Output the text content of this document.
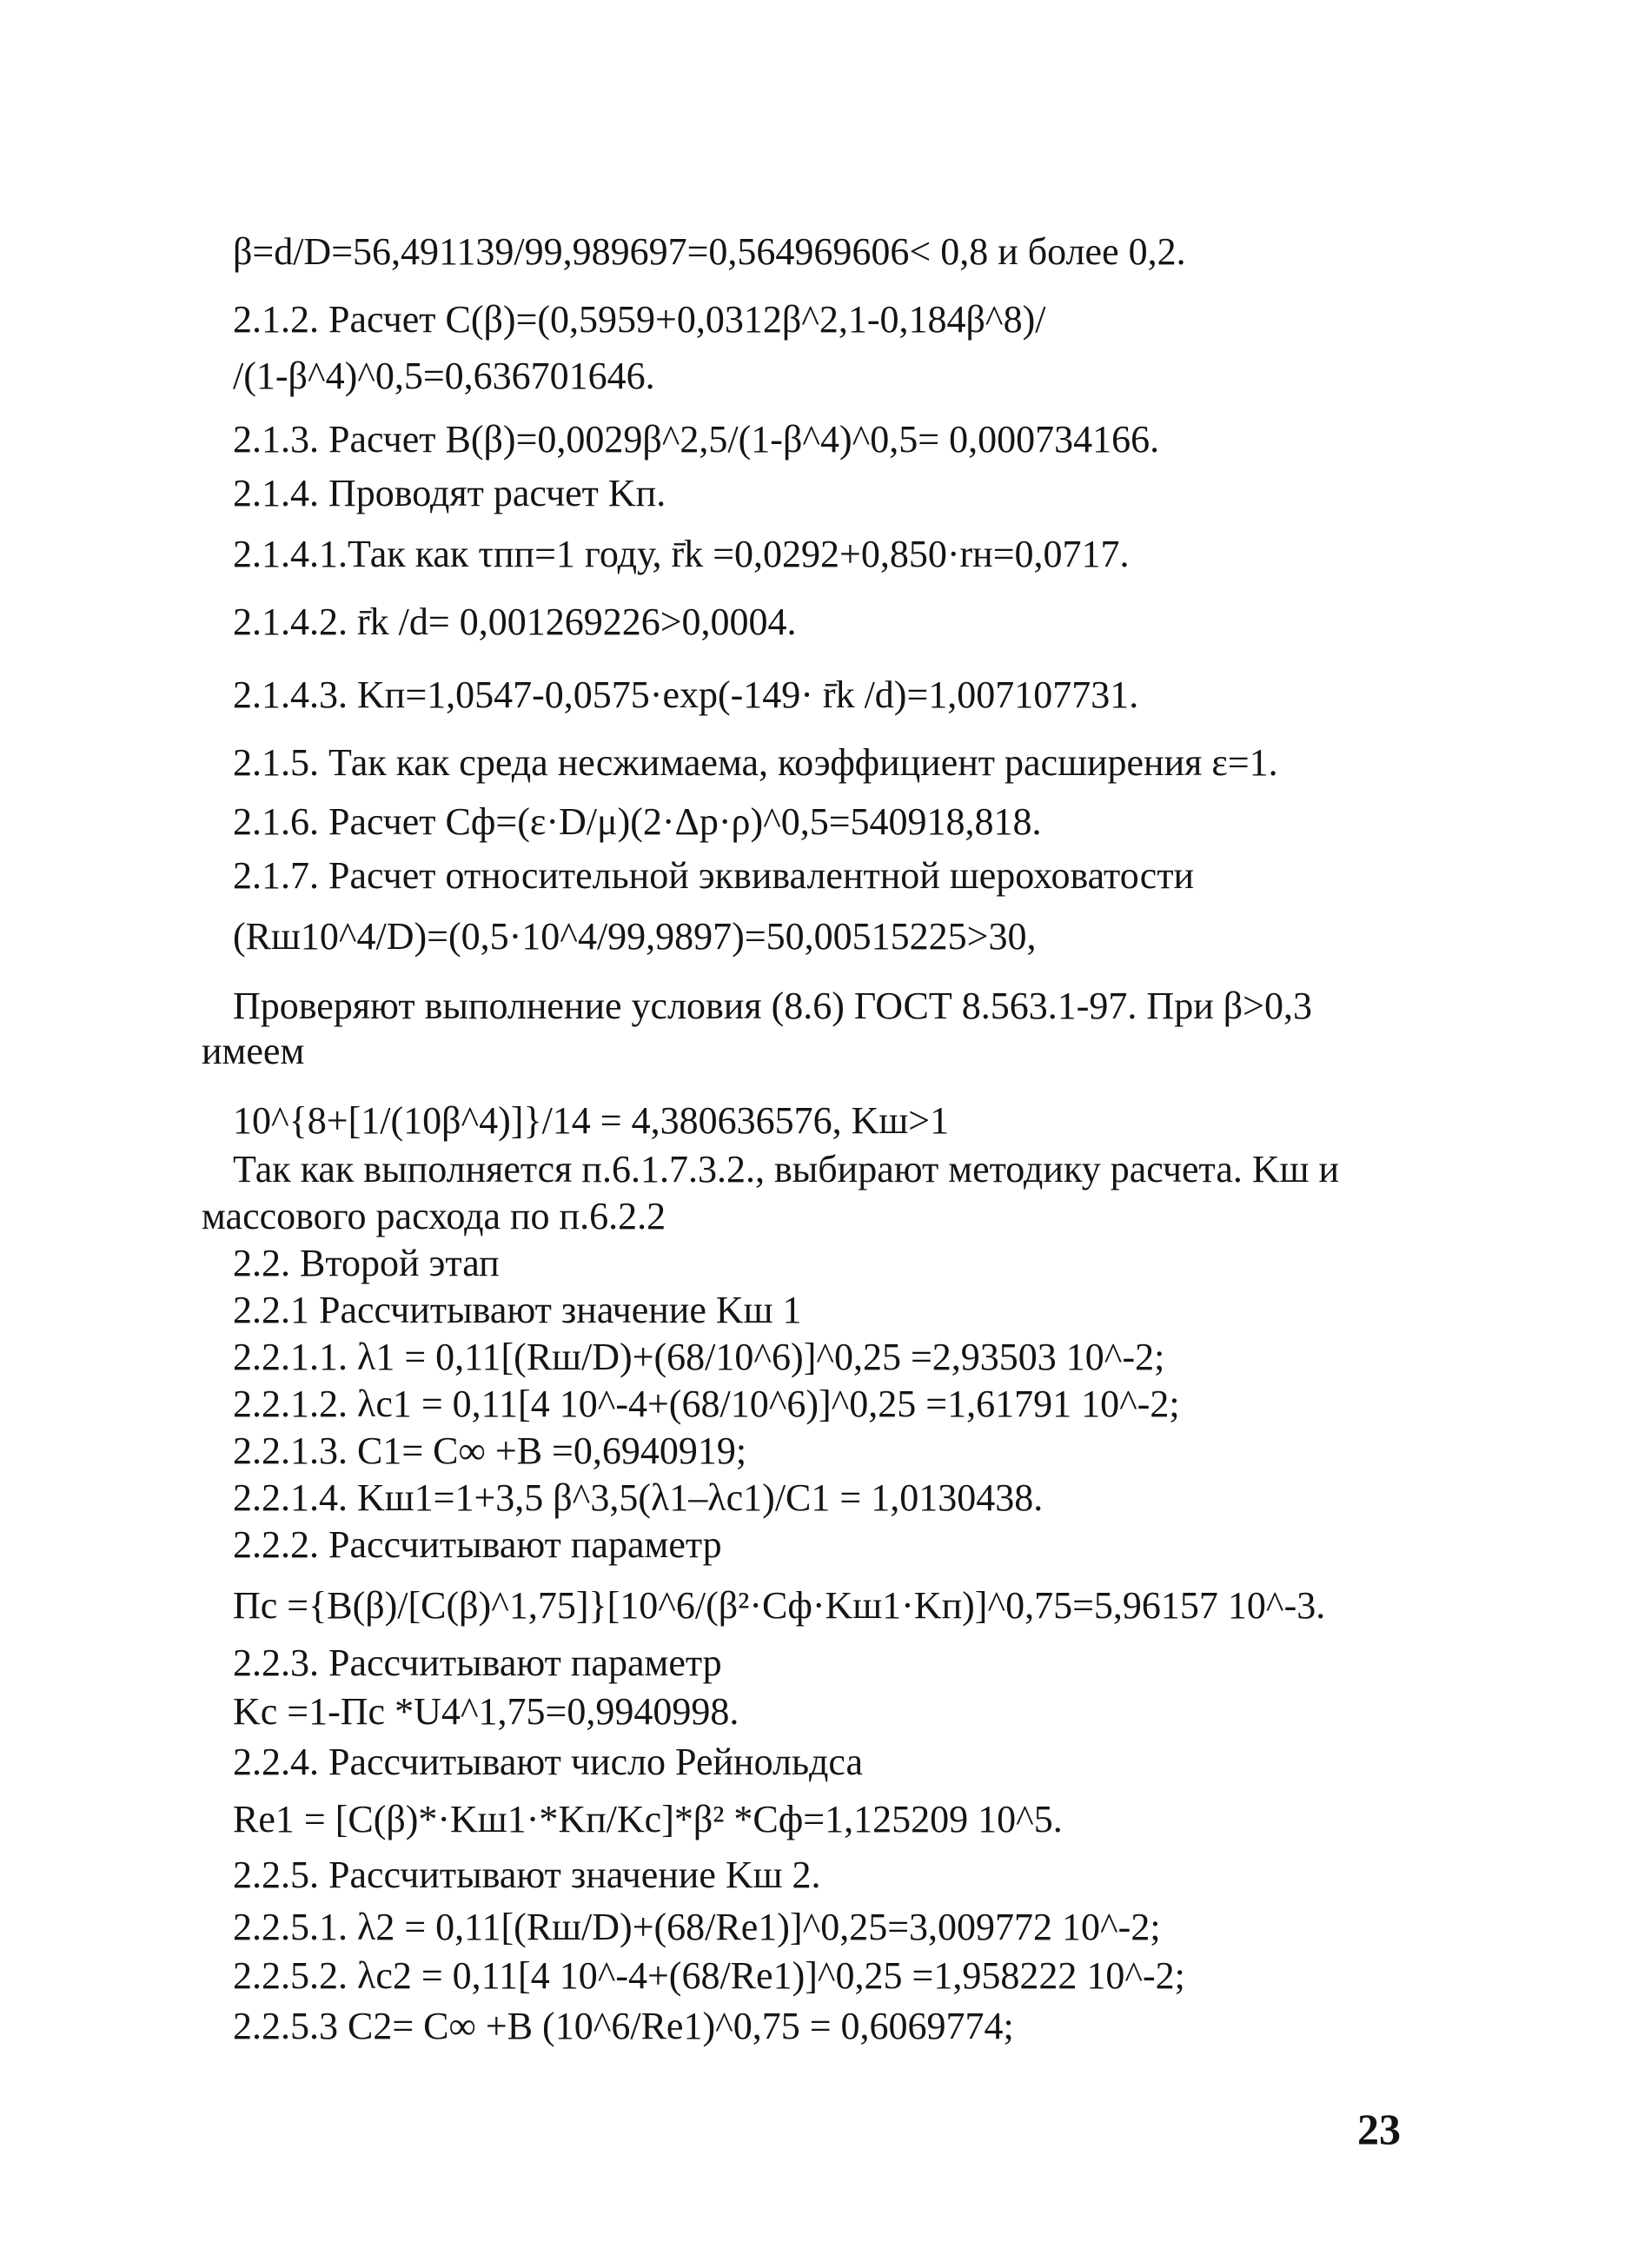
β=d/D=56,491139/99,989697=0,564969606< 0,8 и более 0,2.
2.1.2. Расчет C(β)=(0,5959+0,0312β^2,1-0,184β^8)/
/(1-β^4)^0,5=0,636701646.
2.1.3. Расчет B(β)=0,0029β^2,5/(1-β^4)^0,5= 0,000734166.
2.1.4. Проводят расчет Kп.
2.1.4.1.Так как τпп=1 году, r̄k =0,0292+0,850·rн=0,0717.
2.1.4.2. r̄k /d= 0,001269226>0,0004.
2.1.4.3. Kп=1,0547-0,0575·exp(-149· r̄k /d)=1,007107731.
2.1.5. Так как среда несжимаема, коэффициент расширения ε=1.
2.1.6. Расчет Cф=(ε·D/μ)(2·Δp·ρ)^0,5=540918,818.
2.1.7. Расчет относительной эквивалентной шероховатости
(Rш10^4/D)=(0,5·10^4/99,9897)=50,00515225>30,
Проверяют выполнение условия (8.6) ГОСТ 8.563.1-97. При β>0,3
имеем
10^{8+[1/(10β^4)]}/14 = 4,380636576, Kш>1
Так как выполняется п.6.1.7.3.2., выбирают методику расчета. Kш и
массового расхода по п.6.2.2
2.2. Второй этап
2.2.1 Рассчитывают значение Kш 1
2.2.1.1. λ1 = 0,11[(Rш/D)+(68/10^6)]^0,25 =2,93503 10^-2;
2.2.1.2. λc1 = 0,11[4 10^-4+(68/10^6)]^0,25 =1,61791 10^-2;
2.2.1.3. C1= C∞ +B =0,6940919;
2.2.1.4. Kш1=1+3,5 β^3,5(λ1–λc1)/C1 = 1,0130438.
2.2.2. Рассчитывают параметр
Пc ={B(β)/[C(β)^1,75]}[10^6/(β²·Cф·Kш1·Kп)]^0,75=5,96157 10^-3.
2.2.3. Рассчитывают параметр
Kс =1-Пc *U4^1,75=0,9940998.
2.2.4. Рассчитывают число Рейнольдса
Re1 = [C(β)*·Kш1·*Kп/Kc]*β² *Cф=1,125209 10^5.
2.2.5. Рассчитывают значение Kш 2.
2.2.5.1. λ2 = 0,11[(Rш/D)+(68/Re1)]^0,25=3,009772 10^-2;
2.2.5.2. λc2 = 0,11[4 10^-4+(68/Re1)]^0,25 =1,958222 10^-2;
2.2.5.3 C2= C∞ +B (10^6/Re1)^0,75 = 0,6069774;
23
